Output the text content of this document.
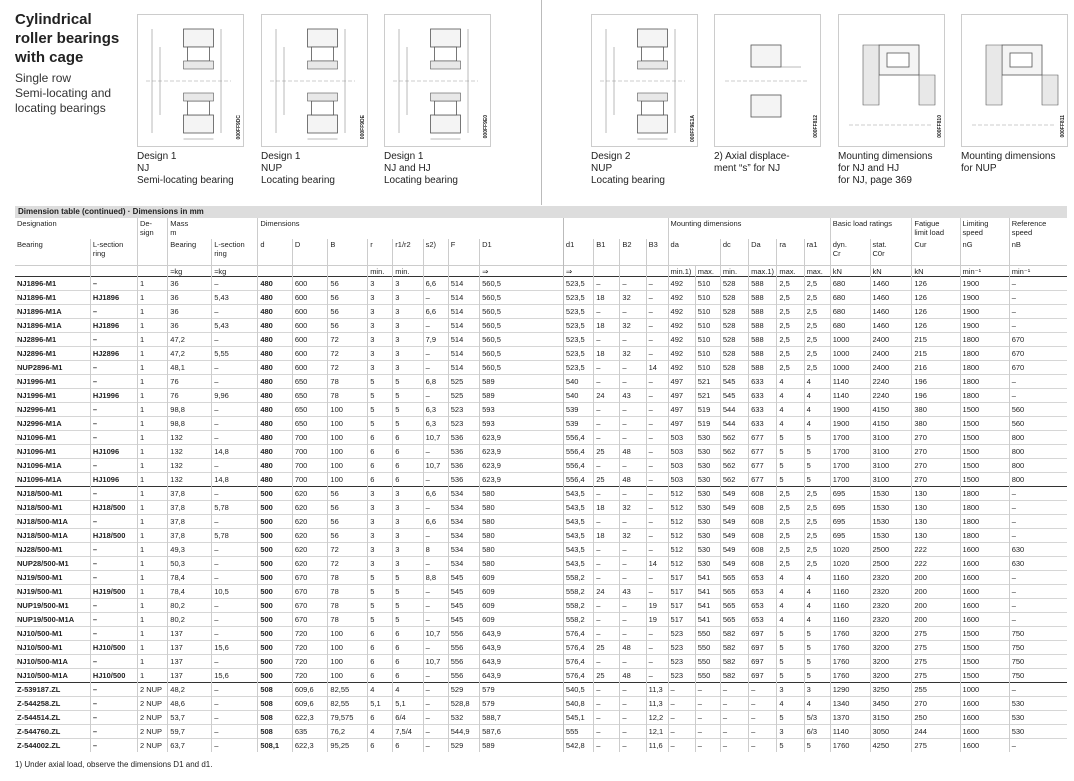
Cylindrical
roller bearings
with cage
Single row
Semi-locating and
locating bearings
000FF9DC
Design 1
NJ
Semi-locating bearing
000FF9DE
Design 1
NUP
Locating bearing
000FF9E0
Design 1
NJ and HJ
Locating bearing
000FF9E1A
Design 2
NUP
Locating bearing
000FF812
2) Axial displace-
ment “s” for NJ
000FF810
Mounting dimensions
for NJ and HJ
for NJ, page 369
000FF811
Mounting dimensions
for NUP
Dimension table (continued) · Dimensions in mm
Designation		De-
sign	Mass
m		Dimensions												Mounting dimensions						Basic load ratings		Fatigue
limit load	Limiting
speed	Reference
speed
Bearing	L-section
ring		Bearing	L-section
ring	d	D	B	r	r1/r2	s2)	F	D1	d1	B1	B2	B3	da		dc	Da	ra	ra1	dyn.
Cr	stat.
C0r	Cur	nG	nB
			≈kg	≈kg				min.	min.			⇒	⇒				min.1)	max.	min.	max.1)	max.	max.	kN	kN	kN	min⁻¹	min⁻¹
NJ1896-M1	–	1	36	–	480	600	56	3	3	6,6	514	560,5	523,5	–	–	–	492	510	528	588	2,5	2,5	680	1460	126	1900	–
NJ1896-M1	HJ1896	1	36	5,43	480	600	56	3	3	–	514	560,5	523,5	18	32	–	492	510	528	588	2,5	2,5	680	1460	126	1900	–
NJ1896-M1A	–	1	36	–	480	600	56	3	3	6,6	514	560,5	523,5	–	–	–	492	510	528	588	2,5	2,5	680	1460	126	1900	–
NJ1896-M1A	HJ1896	1	36	5,43	480	600	56	3	3	–	514	560,5	523,5	18	32	–	492	510	528	588	2,5	2,5	680	1460	126	1900	–
NJ2896-M1	–	1	47,2	–	480	600	72	3	3	7,9	514	560,5	523,5	–	–	–	492	510	528	588	2,5	2,5	1000	2400	215	1800	670
NJ2896-M1	HJ2896	1	47,2	5,55	480	600	72	3	3	–	514	560,5	523,5	18	32	–	492	510	528	588	2,5	2,5	1000	2400	215	1800	670
NUP2896-M1	–	1	48,1	–	480	600	72	3	3	–	514	560,5	523,5	–	–	14	492	510	528	588	2,5	2,5	1000	2400	216	1800	670
NJ1996-M1	–	1	76	–	480	650	78	5	5	6,8	525	589	540	–	–	–	497	521	545	633	4	4	1140	2240	196	1800	–
NJ1996-M1	HJ1996	1	76	9,96	480	650	78	5	5	–	525	589	540	24	43	–	497	521	545	633	4	4	1140	2240	196	1800	–
NJ2996-M1	–	1	98,8	–	480	650	100	5	5	6,3	523	593	539	–	–	–	497	519	544	633	4	4	1900	4150	380	1500	560
NJ2996-M1A	–	1	98,8	–	480	650	100	5	5	6,3	523	593	539	–	–	–	497	519	544	633	4	4	1900	4150	380	1500	560
NJ1096-M1	–	1	132	–	480	700	100	6	6	10,7	536	623,9	556,4	–	–	–	503	530	562	677	5	5	1700	3100	270	1500	800
NJ1096-M1	HJ1096	1	132	14,8	480	700	100	6	6	–	536	623,9	556,4	25	48	–	503	530	562	677	5	5	1700	3100	270	1500	800
NJ1096-M1A	–	1	132	–	480	700	100	6	6	10,7	536	623,9	556,4	–	–	–	503	530	562	677	5	5	1700	3100	270	1500	800
NJ1096-M1A	HJ1096	1	132	14,8	480	700	100	6	6	–	536	623,9	556,4	25	48	–	503	530	562	677	5	5	1700	3100	270	1500	800
NJ18/500-M1	–	1	37,8	–	500	620	56	3	3	6,6	534	580	543,5	–	–	–	512	530	549	608	2,5	2,5	695	1530	130	1800	–
NJ18/500-M1	HJ18/500	1	37,8	5,78	500	620	56	3	3	–	534	580	543,5	18	32	–	512	530	549	608	2,5	2,5	695	1530	130	1800	–
NJ18/500-M1A	–	1	37,8	–	500	620	56	3	3	6,6	534	580	543,5	–	–	–	512	530	549	608	2,5	2,5	695	1530	130	1800	–
NJ18/500-M1A	HJ18/500	1	37,8	5,78	500	620	56	3	3	–	534	580	543,5	18	32	–	512	530	549	608	2,5	2,5	695	1530	130	1800	–
NJ28/500-M1	–	1	49,3	–	500	620	72	3	3	8	534	580	543,5	–	–	–	512	530	549	608	2,5	2,5	1020	2500	222	1600	630
NUP28/500-M1	–	1	50,3	–	500	620	72	3	3	–	534	580	543,5	–	–	14	512	530	549	608	2,5	2,5	1020	2500	222	1600	630
NJ19/500-M1	–	1	78,4	–	500	670	78	5	5	8,8	545	609	558,2	–	–	–	517	541	565	653	4	4	1160	2320	200	1600	–
NJ19/500-M1	HJ19/500	1	78,4	10,5	500	670	78	5	5	–	545	609	558,2	24	43	–	517	541	565	653	4	4	1160	2320	200	1600	–
NUP19/500-M1	–	1	80,2	–	500	670	78	5	5	–	545	609	558,2	–	–	19	517	541	565	653	4	4	1160	2320	200	1600	–
NUP19/500-M1A	–	1	80,2	–	500	670	78	5	5	–	545	609	558,2	–	–	19	517	541	565	653	4	4	1160	2320	200	1600	–
NJ10/500-M1	–	1	137	–	500	720	100	6	6	10,7	556	643,9	576,4	–	–	–	523	550	582	697	5	5	1760	3200	275	1500	750
NJ10/500-M1	HJ10/500	1	137	15,6	500	720	100	6	6	–	556	643,9	576,4	25	48	–	523	550	582	697	5	5	1760	3200	275	1500	750
NJ10/500-M1A	–	1	137	–	500	720	100	6	6	10,7	556	643,9	576,4	–	–	–	523	550	582	697	5	5	1760	3200	275	1500	750
NJ10/500-M1A	HJ10/500	1	137	15,6	500	720	100	6	6	–	556	643,9	576,4	25	48	–	523	550	582	697	5	5	1760	3200	275	1500	750
Z-539187.ZL	–	2 NUP	48,2	–	508	609,6	82,55	4	4	–	529	579	540,5	–	–	11,3	–	–	–	–	3	3	1290	3250	255	1000	–
Z-544258.ZL	–	2 NUP	48,6	–	508	609,6	82,55	5,1	5,1	–	528,8	579	540,8	–	–	11,3	–	–	–	–	4	4	1340	3450	270	1600	530
Z-544514.ZL	–	2 NUP	53,7	–	508	622,3	79,575	6	6/4	–	532	588,7	545,1	–	–	12,2	–	–	–	–	5	5/3	1370	3150	250	1600	530
Z-544760.ZL	–	2 NUP	59,7	–	508	635	76,2	4	7,5/4	–	544,9	587,6	555	–	–	12,1	–	–	–	–	3	6/3	1140	3050	244	1600	530
Z-544002.ZL	–	2 NUP	63,7	–	508,1	622,3	95,25	6	6	–	529	589	542,8	–	–	11,6	–	–	–	–	5	5	1760	4250	275	1600	–
1) Under axial load, observe the dimensions D1 and d1.
